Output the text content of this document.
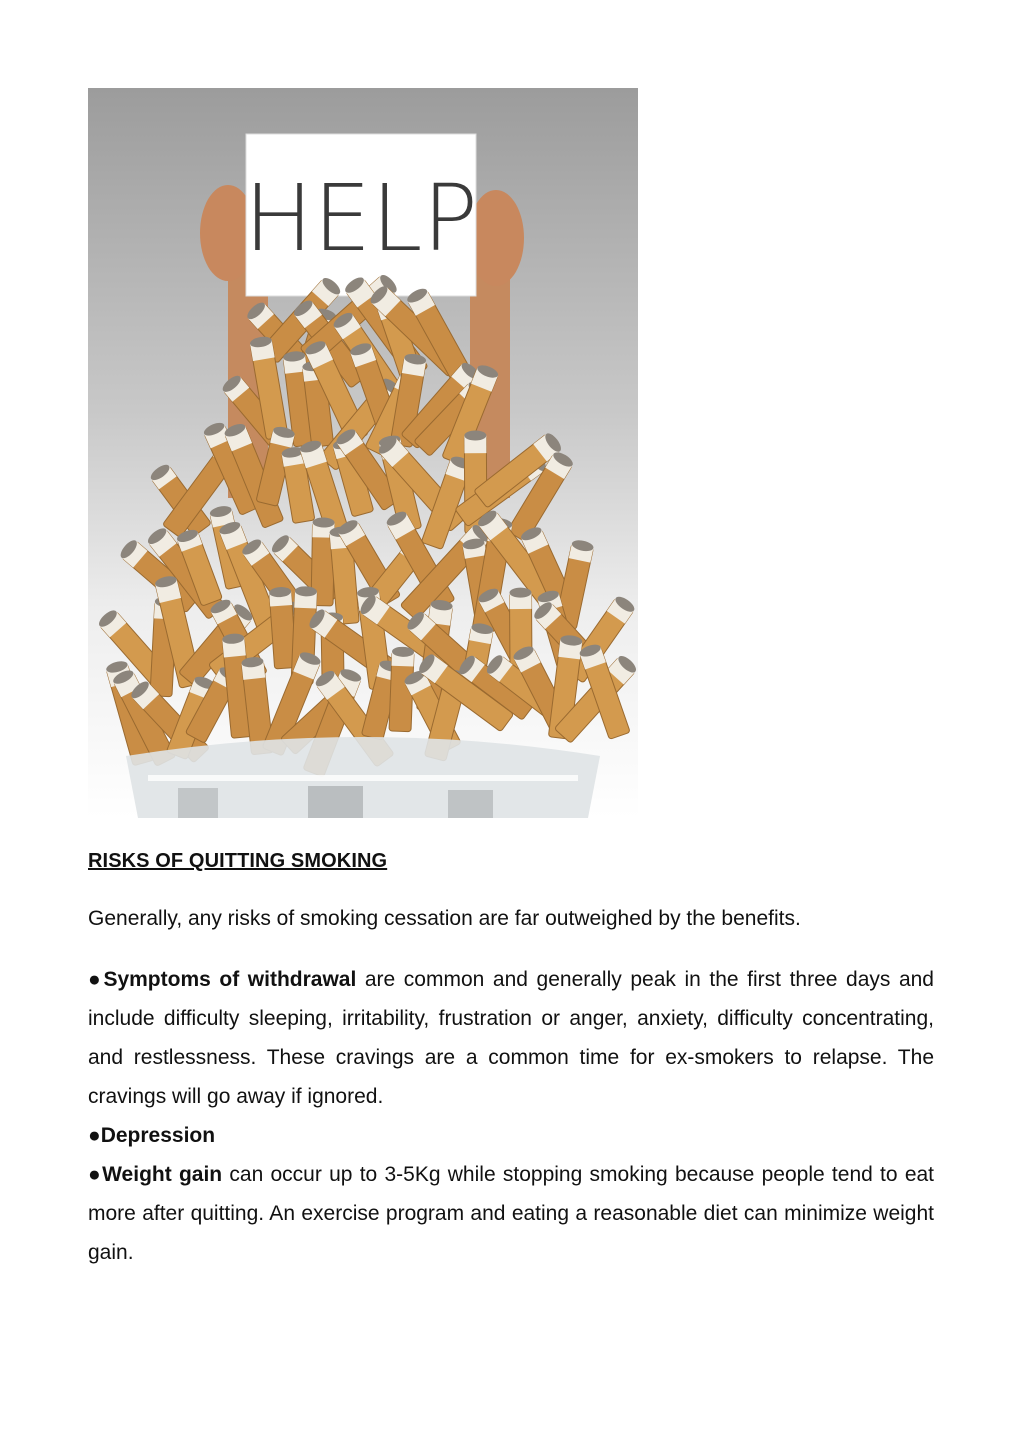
HELP
RISKS OF QUITTING SMOKING

Generally, any risks of smoking cessation are far outweighed by the benefits.

●Symptoms of withdrawal are common and generally peak in the first three days and include difficulty sleeping, irritability, frustration or anger, anxiety, difficulty concentrating, and restlessness. These cravings are a common time for ex-smokers to relapse. The cravings will go away if ignored.

●Depression

●Weight gain can occur up to 3-5Kg while stopping smoking because people tend to eat more after quitting. An exercise program and eating a reasonable diet can minimize weight gain.
